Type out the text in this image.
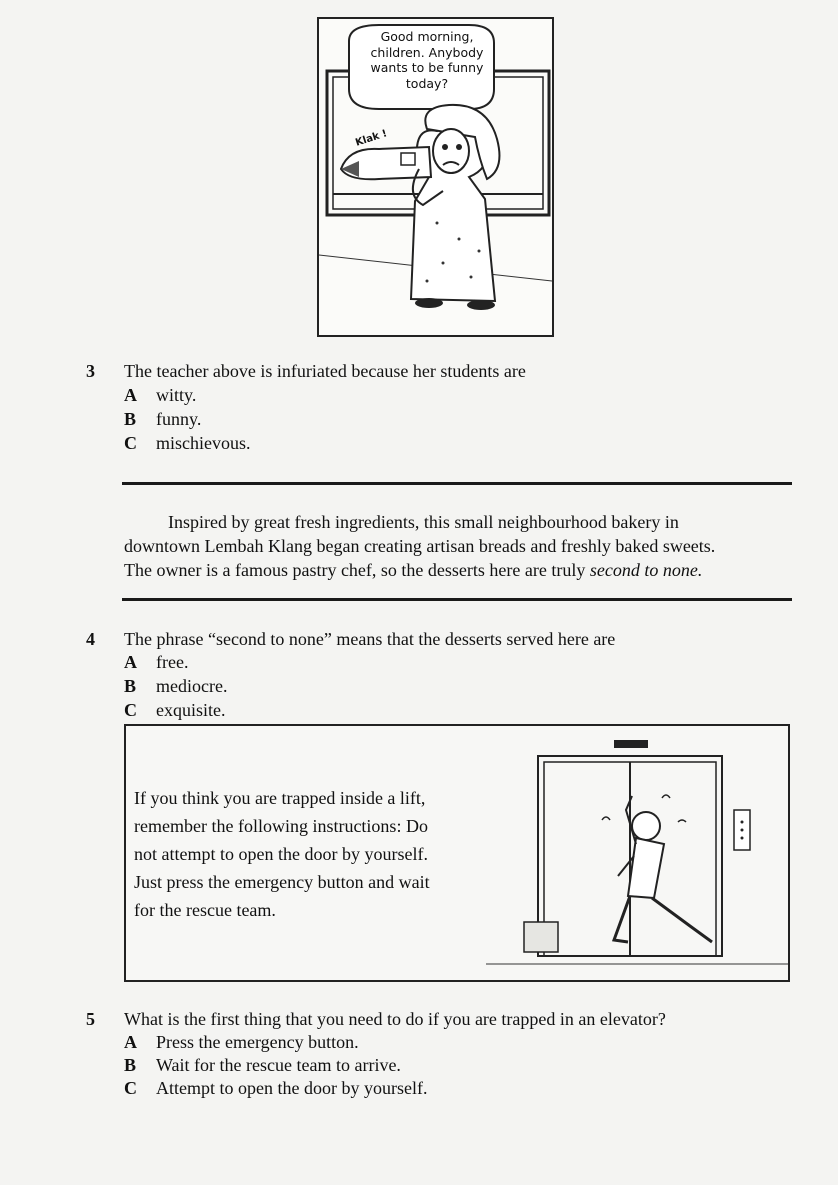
Good morning,
children. Anybody
wants to be funny
today?
Klak !
3 The teacher above is infuriated because her students are
A witty.
B funny.
C mischievous.
Inspired by great fresh ingredients, this small neighbourhood bakery in
downtown Lembah Klang began creating artisan breads and freshly baked sweets.
The owner is a famous pastry chef, so the desserts here are truly second to none.
4 The phrase “second to none” means that the desserts served here are
A free.
B mediocre.
C exquisite.
If you think you are trapped inside a lift,
remember the following instructions: Do
not attempt to open the door by yourself.
Just press the emergency button and wait
for the rescue team.
5 What is the first thing that you need to do if you are trapped in an elevator?
A Press the emergency button.
B Wait for the rescue team to arrive.
C Attempt to open the door by yourself.
